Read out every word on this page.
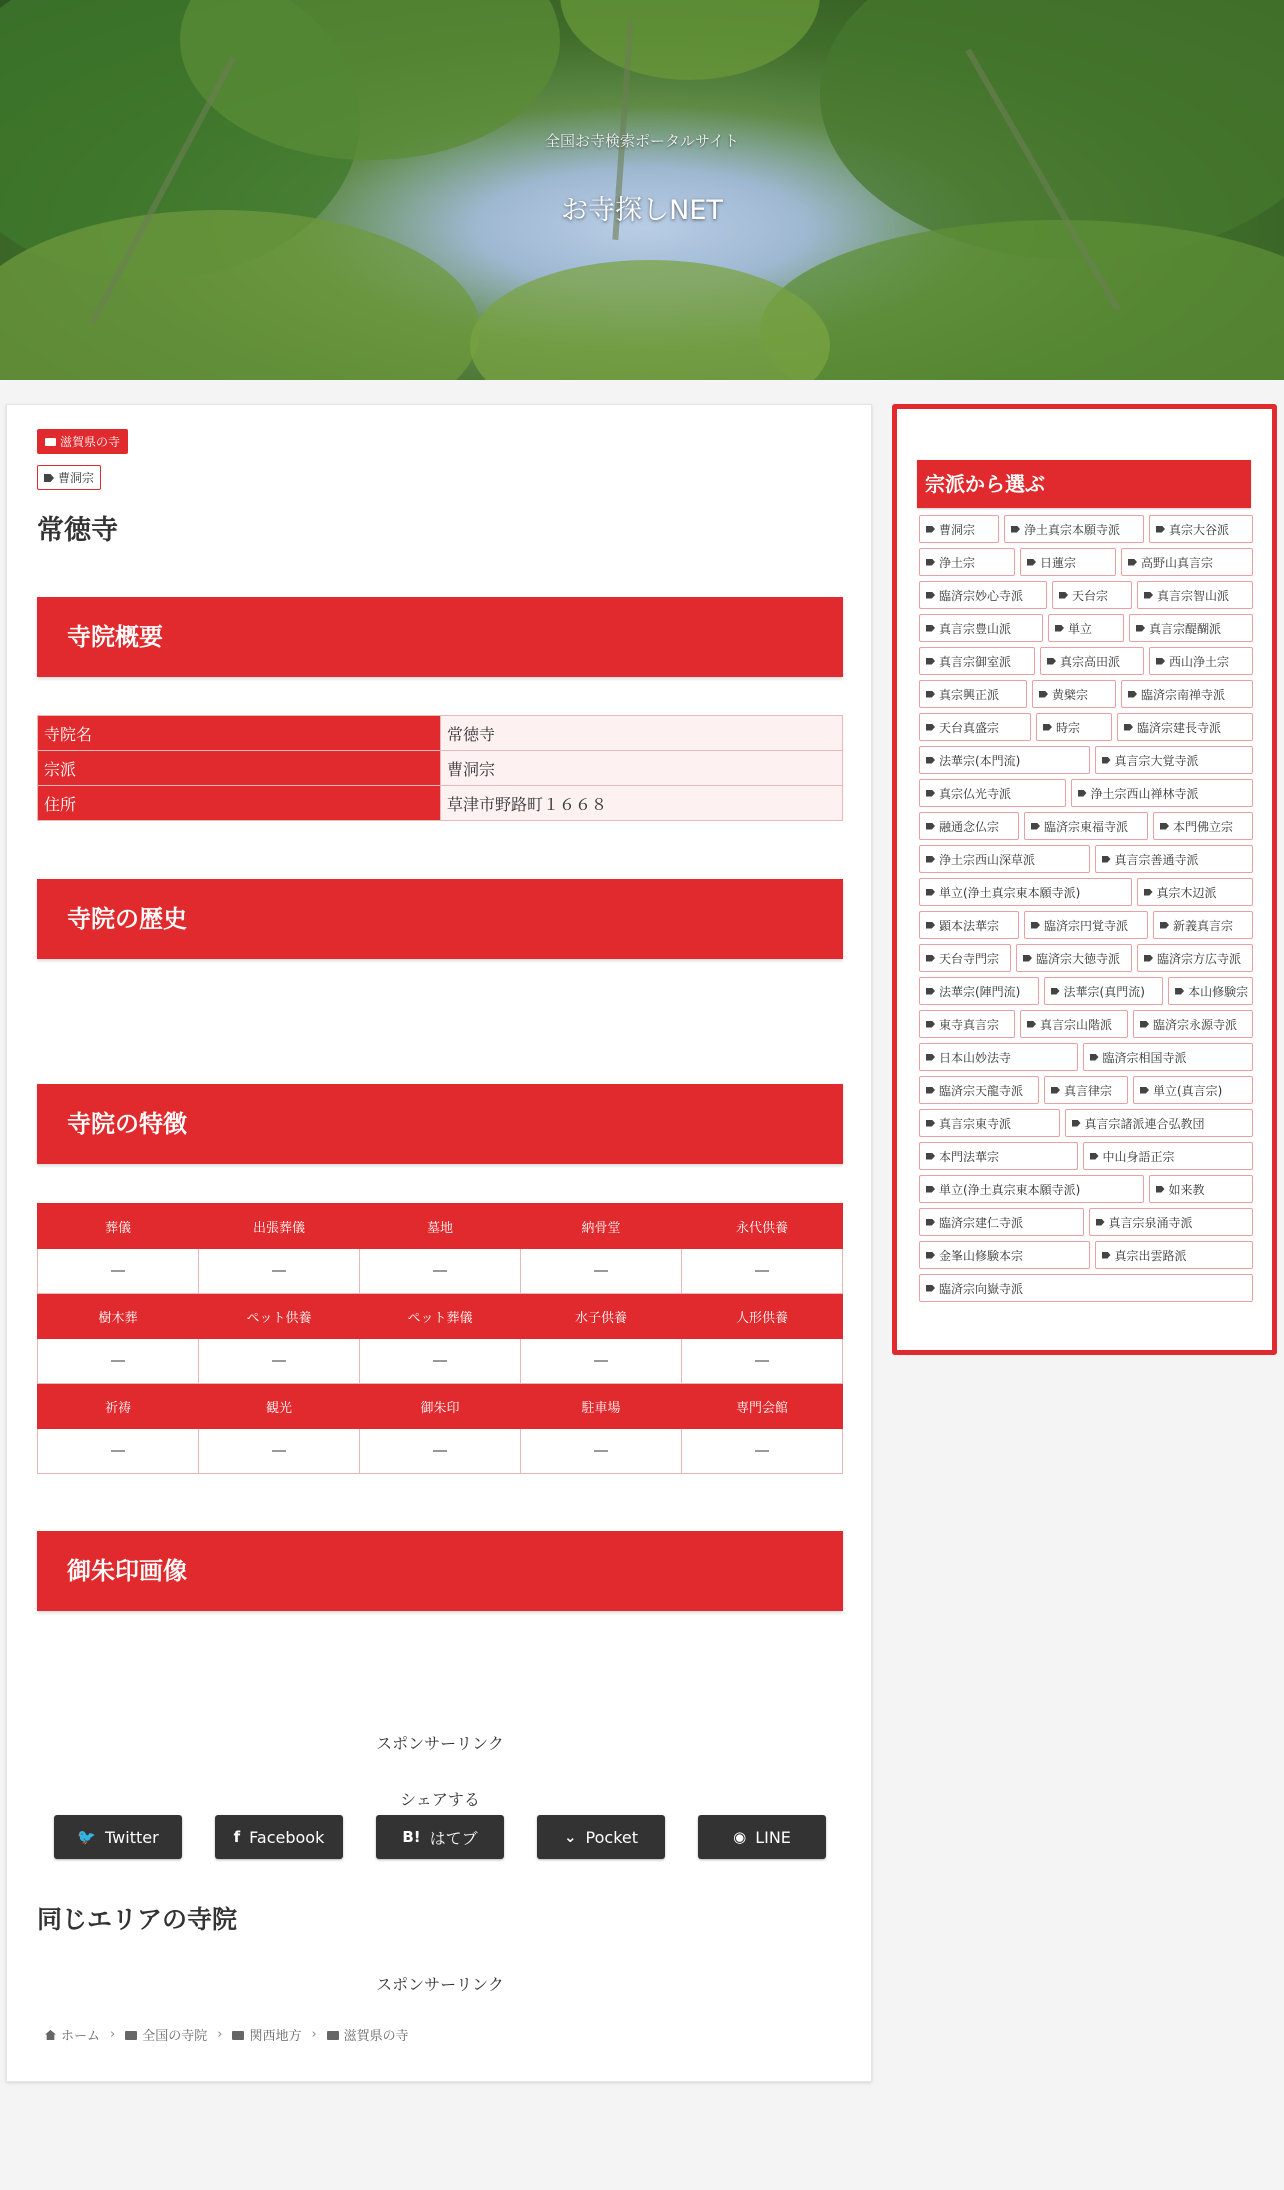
全国お寺検索ポータルサイト
お寺探しNET
滋賀県の寺
曹洞宗
常徳寺
寺院概要
寺院名	常徳寺
宗派	曹洞宗
住所	草津市野路町１６６８
寺院の歴史
寺院の特徴
葬儀	出張葬儀	墓地	納骨堂	永代供養
―	―	―	―	―
樹木葬	ペット供養	ペット葬儀	水子供養	人形供養
―	―	―	―	―
祈祷	観光	御朱印	駐車場	専門会館
―	―	―	―	―
御朱印画像
スポンサーリンク
シェアする
🐦 Twitter	f Facebook	B! はてブ	⌄ Pocket	◉ LINE
同じエリアの寺院
スポンサーリンク
ホーム ›	全国の寺院 ›	関西地方 ›	滋賀県の寺
宗派から選ぶ
曹洞宗	浄土真宗本願寺派	真宗大谷派
浄土宗	日蓮宗	高野山真言宗
臨済宗妙心寺派	天台宗	真言宗智山派
真言宗豊山派	単立	真言宗醍醐派
真言宗御室派	真宗高田派	西山浄土宗
真宗興正派	黄檗宗	臨済宗南禅寺派
天台真盛宗	時宗	臨済宗建長寺派
法華宗(本門流)	真言宗大覚寺派
真宗仏光寺派	浄土宗西山禅林寺派
融通念仏宗	臨済宗東福寺派	本門佛立宗
浄土宗西山深草派	真言宗善通寺派
単立(浄土真宗東本願寺派)	真宗木辺派
顕本法華宗	臨済宗円覚寺派	新義真言宗
天台寺門宗	臨済宗大徳寺派	臨済宗方広寺派
法華宗(陣門流)	法華宗(真門流)	本山修験宗
東寺真言宗	真言宗山階派	臨済宗永源寺派
日本山妙法寺	臨済宗相国寺派
臨済宗天龍寺派	真言律宗	単立(真言宗)
真言宗東寺派	真言宗諸派連合弘教団
本門法華宗	中山身語正宗
単立(浄土真宗東本願寺派)	如来教
臨済宗建仁寺派	真言宗泉涌寺派
金峯山修験本宗	真宗出雲路派
臨済宗向嶽寺派
